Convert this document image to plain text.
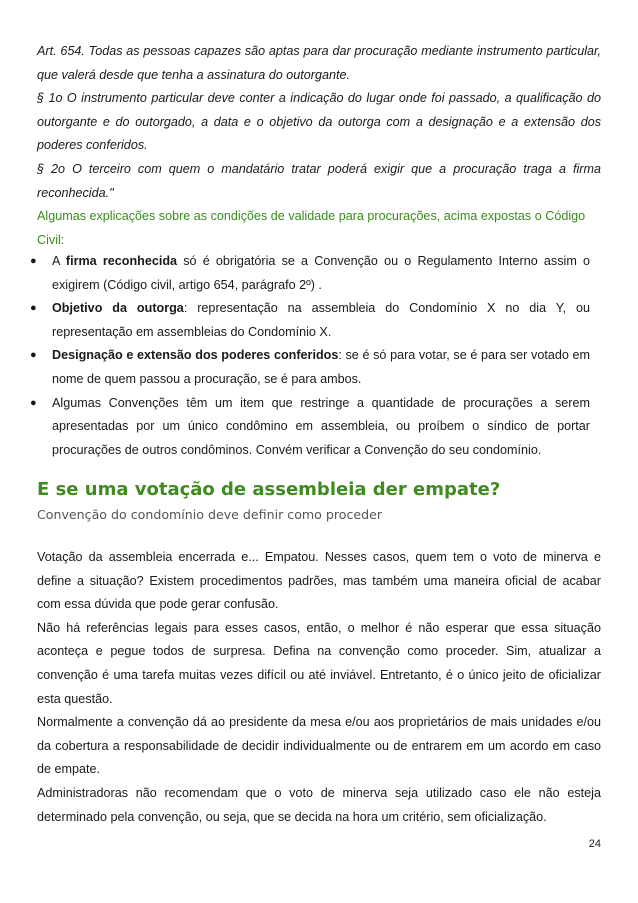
Art. 654. Todas as pessoas capazes são aptas para dar procuração mediante instrumento particular, que valerá desde que tenha a assinatura do outorgante.

§ 1o O instrumento particular deve conter a indicação do lugar onde foi passado, a qualificação do outorgante e do outorgado, a data e o objetivo da outorga com a designação e a extensão dos poderes conferidos.

§ 2o O terceiro com quem o mandatário tratar poderá exigir que a procuração traga a firma reconhecida."

Algumas explicações sobre as condições de validade para procurações, acima expostas o Código Civil:

● A firma reconhecida só é obrigatória se a Convenção ou o Regulamento Interno assim o exigirem (Código civil, artigo 654, parágrafo 2º) .
● Objetivo da outorga: representação na assembleia do Condomínio X no dia Y, ou representação em assembleias do Condomínio X.
● Designação e extensão dos poderes conferidos: se é só para votar, se é para ser votado em nome de quem passou a procuração, se é para ambos.
● Algumas Convenções têm um item que restringe a quantidade de procurações a serem apresentadas por um único condômino em assembleia, ou proíbem o síndico de portar procurações de outros condôminos. Convém verificar a Convenção do seu condomínio.
E se uma votação de assembleia der empate?
Convenção do condomínio deve definir como proceder

Votação da assembleia encerrada e... Empatou. Nesses casos, quem tem o voto de minerva e define a situação? Existem procedimentos padrões, mas também uma maneira oficial de acabar com essa dúvida que pode gerar confusão.

Não há referências legais para esses casos, então, o melhor é não esperar que essa situação aconteça e pegue todos de surpresa. Defina na convenção como proceder. Sim, atualizar a convenção é uma tarefa muitas vezes difícil ou até inviável. Entretanto, é o único jeito de oficializar esta questão.

Normalmente a convenção dá ao presidente da mesa e/ou aos proprietários de mais unidades e/ou da cobertura a responsabilidade de decidir individualmente ou de entrarem em um acordo em caso de empate.

Administradoras não recomendam que o voto de minerva seja utilizado caso ele não esteja determinado pela convenção, ou seja, que se decida na hora um critério, sem oficialização.

24
